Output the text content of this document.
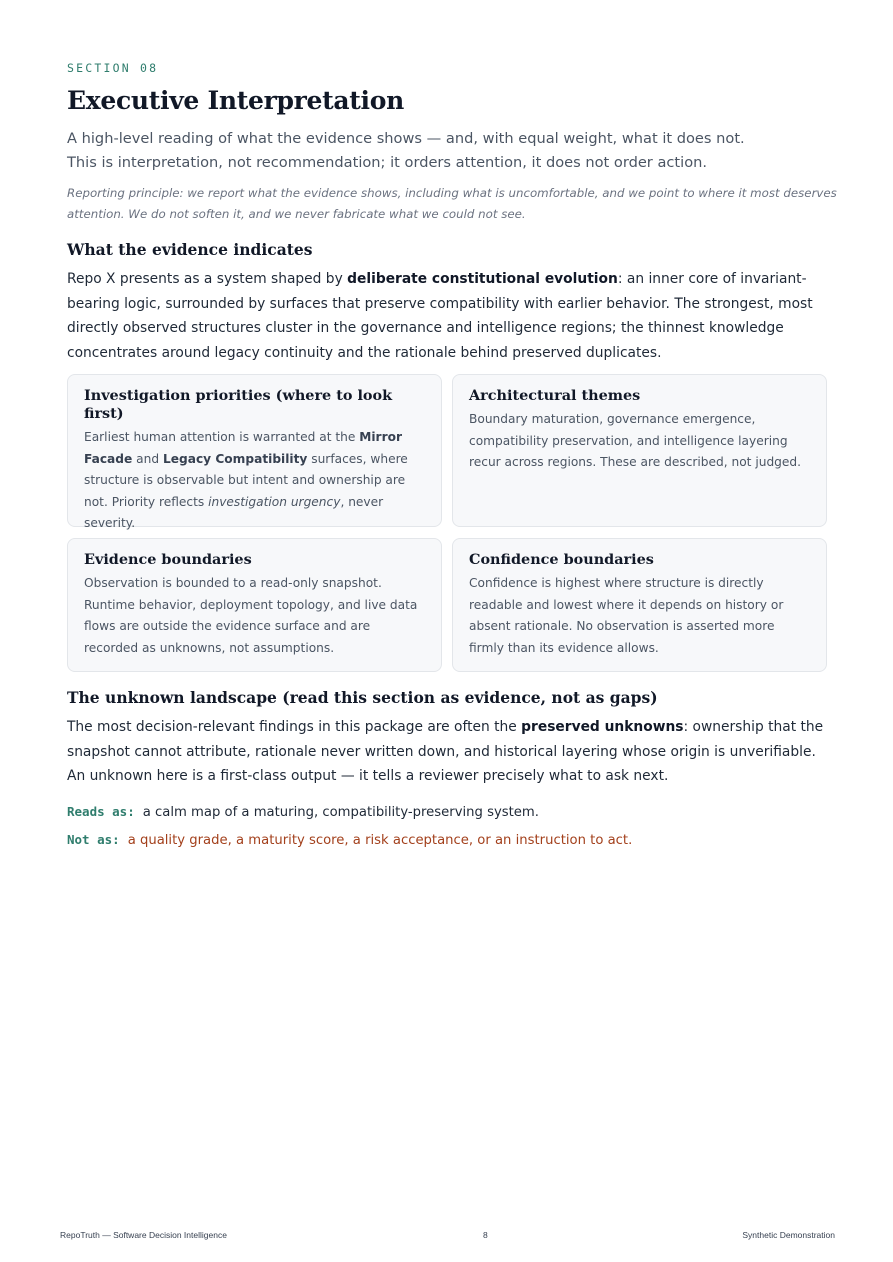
SECTION 08
Executive Interpretation
A high-level reading of what the evidence shows — and, with equal weight, what it does not.
This is interpretation, not recommendation; it orders attention, it does not order action.
Reporting principle: we report what the evidence shows, including what is uncomfortable, and we point to where it most deserves attention. We do not soften it, and we never fabricate what we could not see.
What the evidence indicates
Repo X presents as a system shaped by deliberate constitutional evolution: an inner core of invariant-bearing logic, surrounded by surfaces that preserve compatibility with earlier behavior. The strongest, most directly observed structures cluster in the governance and intelligence regions; the thinnest knowledge concentrates around legacy continuity and the rationale behind preserved duplicates.
Investigation priorities (where to look first)

Earliest human attention is warranted at the Mirror Facade and Legacy Compatibility surfaces, where structure is observable but intent and ownership are not. Priority reflects investigation urgency, never severity.

Architectural themes

Boundary maturation, governance emergence, compatibility preservation, and intelligence layering recur across regions. These are described, not judged.

Evidence boundaries

Observation is bounded to a read-only snapshot. Runtime behavior, deployment topology, and live data flows are outside the evidence surface and are recorded as unknowns, not assumptions.

Confidence boundaries

Confidence is highest where structure is directly readable and lowest where it depends on history or absent rationale. No observation is asserted more firmly than its evidence allows.

The unknown landscape (read this section as evidence, not as gaps)
The most decision-relevant findings in this package are often the preserved unknowns: ownership that the snapshot cannot attribute, rationale never written down, and historical layering whose origin is unverifiable. An unknown here is a first-class output — it tells a reviewer precisely what to ask next.
Reads as: a calm map of a maturing, compatibility-preserving system.
Not as: a quality grade, a maturity score, a risk acceptance, or an instruction to act.
RepoTruth — Software Decision Intelligence	8	Synthetic Demonstration
